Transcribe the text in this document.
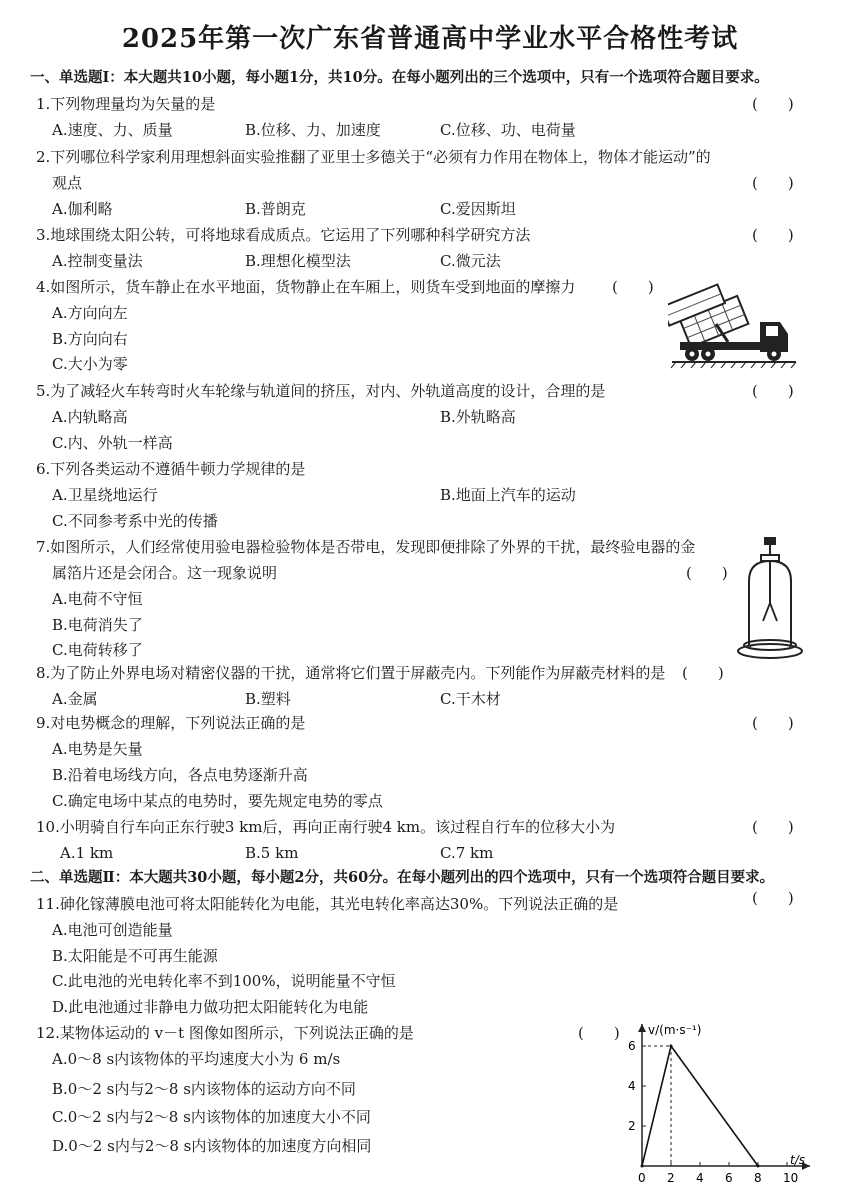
2025年第一次广东省普通高中学业水平合格性考试
一、单选题Ⅰ：本大题共10小题，每小题1分，共10分。在每小题列出的三个选项中，只有一个选项符合题目要求。
1.下列物理量均为矢量的是	(　　)
A.速度、力、质量	B.位移、力、加速度	C.位移、功、电荷量
2.下列哪位科学家利用理想斜面实验推翻了亚里士多德关于“必须有力作用在物体上，物体才能运动”的
观点	(　　)
A.伽利略	B.普朗克	C.爱因斯坦
3.地球围绕太阳公转，可将地球看成质点。它运用了下列哪种科学研究方法	(　　)
A.控制变量法	B.理想化模型法	C.微元法
4.如图所示，货车静止在水平地面，货物静止在车厢上，则货车受到地面的摩擦力 (　　)
A.方向向左
B.方向向右
C.大小为零
5.为了减轻火车转弯时火车轮缘与轨道间的挤压，对内、外轨道高度的设计，合理的是	(　　)
A.内轨略高	B.外轨略高
C.内、外轨一样高
6.下列各类运动不遵循牛顿力学规律的是
A.卫星绕地运行	B.地面上汽车的运动
C.不同参考系中光的传播
7.如图所示，人们经常使用验电器检验物体是否带电，发现即便排除了外界的干扰，最终验电器的金
属箔片还是会闭合。这一现象说明	(　　)
A.电荷不守恒
B.电荷消失了
C.电荷转移了
8.为了防止外界电场对精密仪器的干扰，通常将它们置于屏蔽壳内。下列能作为屏蔽壳材料的是 (　　)
A.金属	B.塑料	C.干木材
9.对电势概念的理解，下列说法正确的是	(　　)
A.电势是矢量
B.沿着电场线方向，各点电势逐渐升高
C.确定电场中某点的电势时，要先规定电势的零点
10.小明骑自行车向正东行驶3 km后，再向正南行驶4 km。该过程自行车的位移大小为	(　　)
A.1 km	B.5 km	C.7 km
二、单选题Ⅱ：本大题共30小题，每小题2分，共60分。在每小题列出的四个选项中，只有一个选项符合题目要求。
11.砷化镓薄膜电池可将太阳能转化为电能，其光电转化率高达30%。下列说法正确的是	(　　)
A.电池可创造能量
B.太阳能是不可再生能源
C.此电池的光电转化率不到100%，说明能量不守恒
D.此电池通过非静电力做功把太阳能转化为电能
12.某物体运动的 v－t 图像如图所示，下列说法正确的是	(　　)
A.0～8 s内该物体的平均速度大小为 6 m/s
B.0～2 s内与2～8 s内该物体的运动方向不同
C.0～2 s内与2～8 s内该物体的加速度大小不同
D.0～2 s内与2～8 s内该物体的加速度方向相同
v/(m·s⁻¹)
t/s
0 2 4 6 8 10
2
4
6
